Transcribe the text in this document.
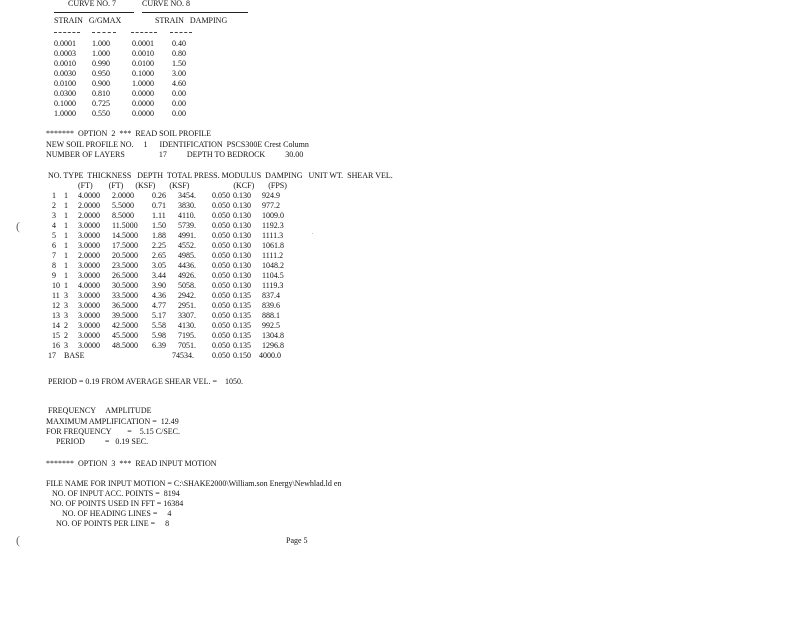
CURVE NO. 7	CURVE NO. 8
STRAIN   G/GMAX	STRAIN   DAMPING
0.0001 1.000	0.0001 0.40
0.0003 1.000	0.0010 0.80
0.0010 0.990	0.0100 1.50
0.0030 0.950	0.1000 3.00
0.0100 0.900	1.0000 4.60
0.0300 0.810	0.0000 0.00
0.1000 0.725	0.0000 0.00
1.0000 0.550	0.0000 0.00
*******  OPTION  2  ***  READ SOIL PROFILE
NEW SOIL PROFILE NO.     1      IDENTIFICATION  PSCS300E Crest Column
NUMBER OF LAYERS                 17          DEPTH TO BEDROCK          30.00
NO. TYPE  THICKNESS   DEPTH  TOTAL PRESS. MODULUS  DAMPING   UNIT WT.  SHEAR VEL.
(FT)        (FT)      (KSF)       (KSF)                      (KCF)       (FPS)
1 1 4.0000 2.0000 0.26 3454. 0.050 0.130 924.9
2 1 2.0000 5.5000 0.71 3830. 0.050 0.130 977.2
3 1 2.0000 8.5000 1.11 4110. 0.050 0.130 1009.0
4 1 3.0000 11.5000 1.50 5739. 0.050 0.130 1192.3
5 1 3.0000 14.5000 1.88 4991. 0.050 0.130 1111.3
6 1 3.0000 17.5000 2.25 4552. 0.050 0.130 1061.8
7 1 2.0000 20.5000 2.65 4985. 0.050 0.130 1111.2
8 1 3.0000 23.5000 3.05 4436. 0.050 0.130 1048.2
9 1 3.0000 26.5000 3.44 4926. 0.050 0.130 1104.5
10 1 4.0000 30.5000 3.90 5058. 0.050 0.130 1119.3
11 3 3.0000 33.5000 4.36 2942. 0.050 0.135 837.4
12 3 3.0000 36.5000 4.77 2951. 0.050 0.135 839.6
13 3 3.0000 39.5000 5.17 3307. 0.050 0.135 888.1
14 2 3.0000 42.5000 5.58 4130. 0.050 0.135 992.5
15 2 3.0000 45.5000 5.98 7195. 0.050 0.135 1304.8
16 3 3.0000 48.5000 6.39 7051. 0.050 0.135 1296.8
17 BASE	74534. 0.050 0.150 4000.0
PERIOD = 0.19 FROM AVERAGE SHEAR VEL. =    1050.
FREQUENCY     AMPLITUDE
MAXIMUM AMPLIFICATION =  12.49
FOR FREQUENCY        =    5.15 C/SEC.
PERIOD          =   0.19 SEC.
*******  OPTION  3  ***  READ INPUT MOTION
FILE NAME FOR INPUT MOTION = C:\SHAKE2000\William.son Energy\Newhlad.ld en
NO. OF INPUT ACC. POINTS =  8194
NO. OF POINTS USED IN FFT = 16384
NO. OF HEADING LINES =     4
NO. OF POINTS PER LINE =     8
Page 5
(
(
.
